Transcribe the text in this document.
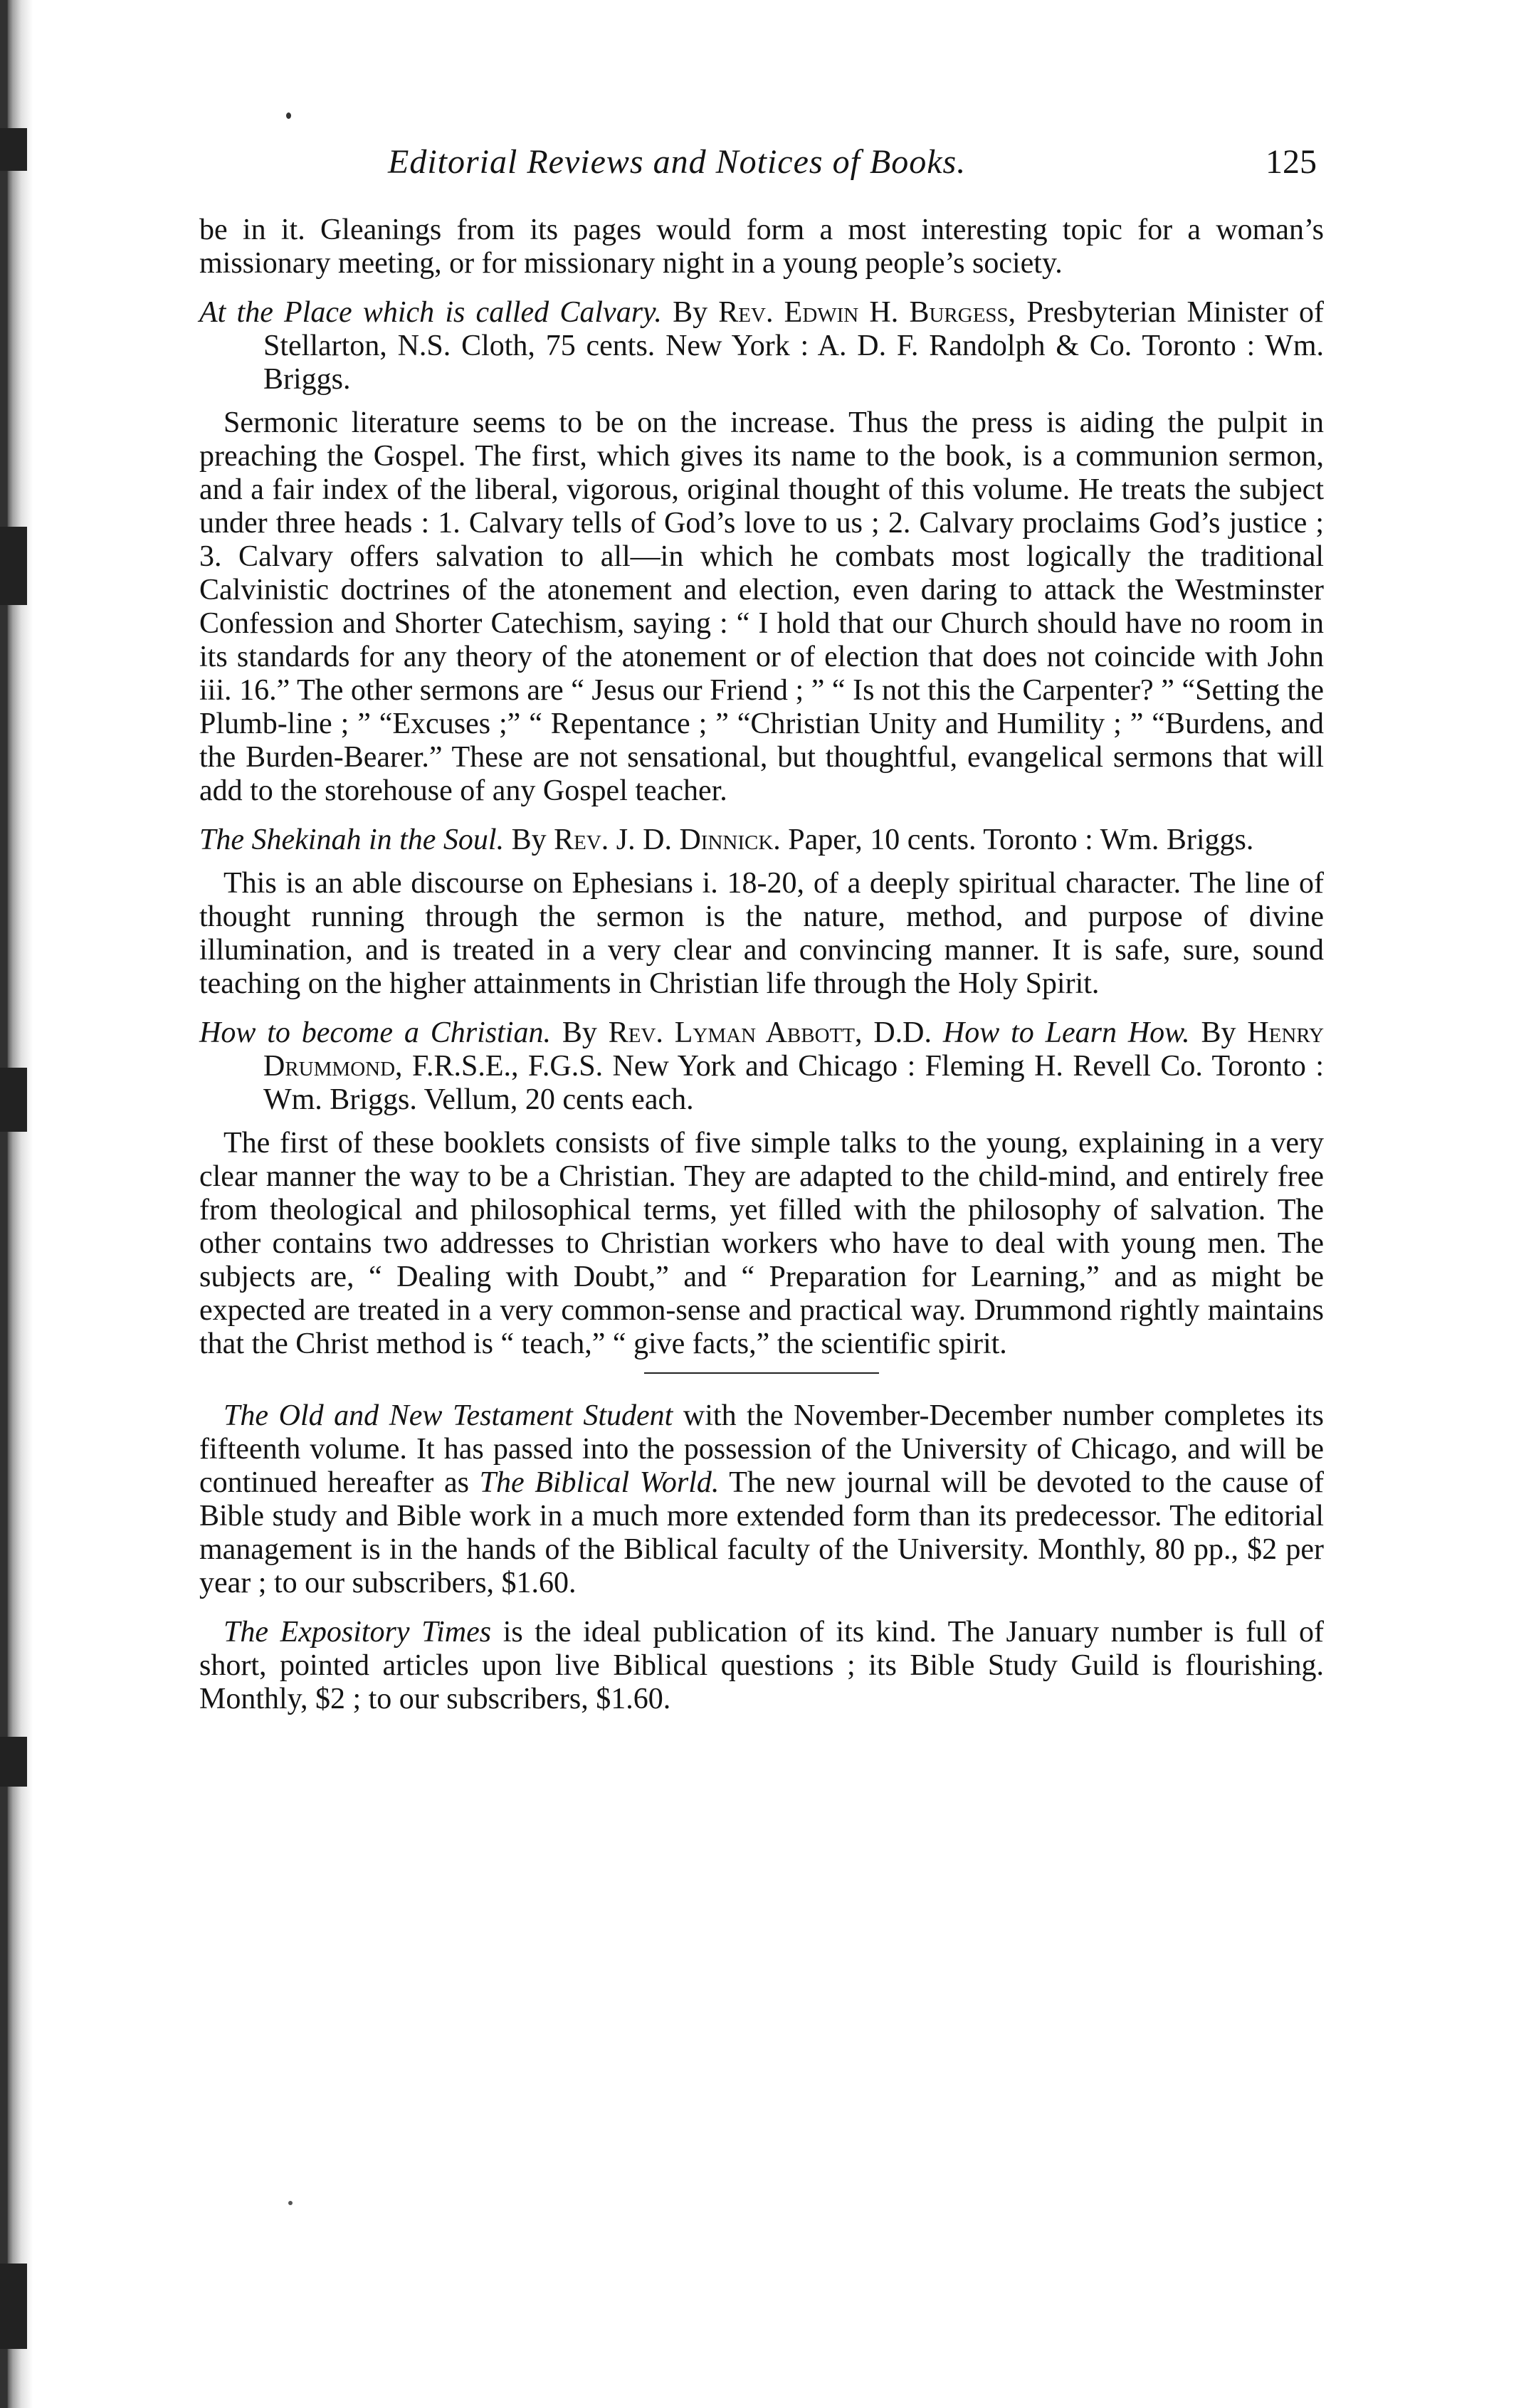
Editorial Reviews and Notices of Books.	125

be in it. Gleanings from its pages would form a most interesting topic for a woman’s missionary meeting, or for missionary night in a young people’s society.

At the Place which is called Calvary. By Rev. Edwin H. Burgess, Presbyterian Minister of Stellarton, N.S. Cloth, 75 cents. New York : A. D. F. Randolph & Co. Toronto : Wm. Briggs.

Sermonic literature seems to be on the increase. Thus the press is aiding the pulpit in preaching the Gospel. The first, which gives its name to the book, is a communion sermon, and a fair index of the liberal, vigorous, original thought of this volume. He treats the subject under three heads : 1. Calvary tells of God’s love to us ; 2. Calvary proclaims God’s justice ; 3. Calvary offers salvation to all—in which he combats most logically the traditional Calvinistic doctrines of the atonement and election, even daring to attack the Westminster Confession and Shorter Catechism, saying : “ I hold that our Church should have no room in its standards for any theory of the atonement or of election that does not coincide with John iii. 16.” The other sermons are “ Jesus our Friend ; ” “ Is not this the Carpenter? ” “Setting the Plumb-line ; ” “Excuses ;” “ Repentance ; ” “Christian Unity and Humility ; ” “Burdens, and the Burden-Bearer.” These are not sensational, but thoughtful, evangelical sermons that will add to the storehouse of any Gospel teacher.

The Shekinah in the Soul. By Rev. J. D. Dinnick. Paper, 10 cents. Toronto : Wm. Briggs.

This is an able discourse on Ephesians i. 18-20, of a deeply spiritual character. The line of thought running through the sermon is the nature, method, and purpose of divine illumination, and is treated in a very clear and convincing manner. It is safe, sure, sound teaching on the higher attainments in Christian life through the Holy Spirit.

How to become a Christian. By Rev. Lyman Abbott, D.D. How to Learn How. By Henry Drummond, F.R.S.E., F.G.S. New York and Chicago : Fleming H. Revell Co. Toronto : Wm. Briggs. Vellum, 20 cents each.

The first of these booklets consists of five simple talks to the young, explaining in a very clear manner the way to be a Christian. They are adapted to the child-mind, and entirely free from theological and philosophical terms, yet filled with the philosophy of salvation. The other contains two addresses to Christian workers who have to deal with young men. The subjects are, “ Dealing with Doubt,” and “ Preparation for Learning,” and as might be expected are treated in a very common-sense and practical way. Drummond rightly maintains that the Christ method is “ teach,” “ give facts,” the scientific spirit.

The Old and New Testament Student with the November-December number completes its fifteenth volume. It has passed into the possession of the University of Chicago, and will be continued hereafter as The Biblical World. The new journal will be devoted to the cause of Bible study and Bible work in a much more extended form than its predecessor. The editorial management is in the hands of the Biblical faculty of the University. Monthly, 80 pp., $2 per year ; to our subscribers, $1.60.

The Expository Times is the ideal publication of its kind. The January number is full of short, pointed articles upon live Biblical questions ; its Bible Study Guild is flourishing. Monthly, $2 ; to our subscribers, $1.60.
